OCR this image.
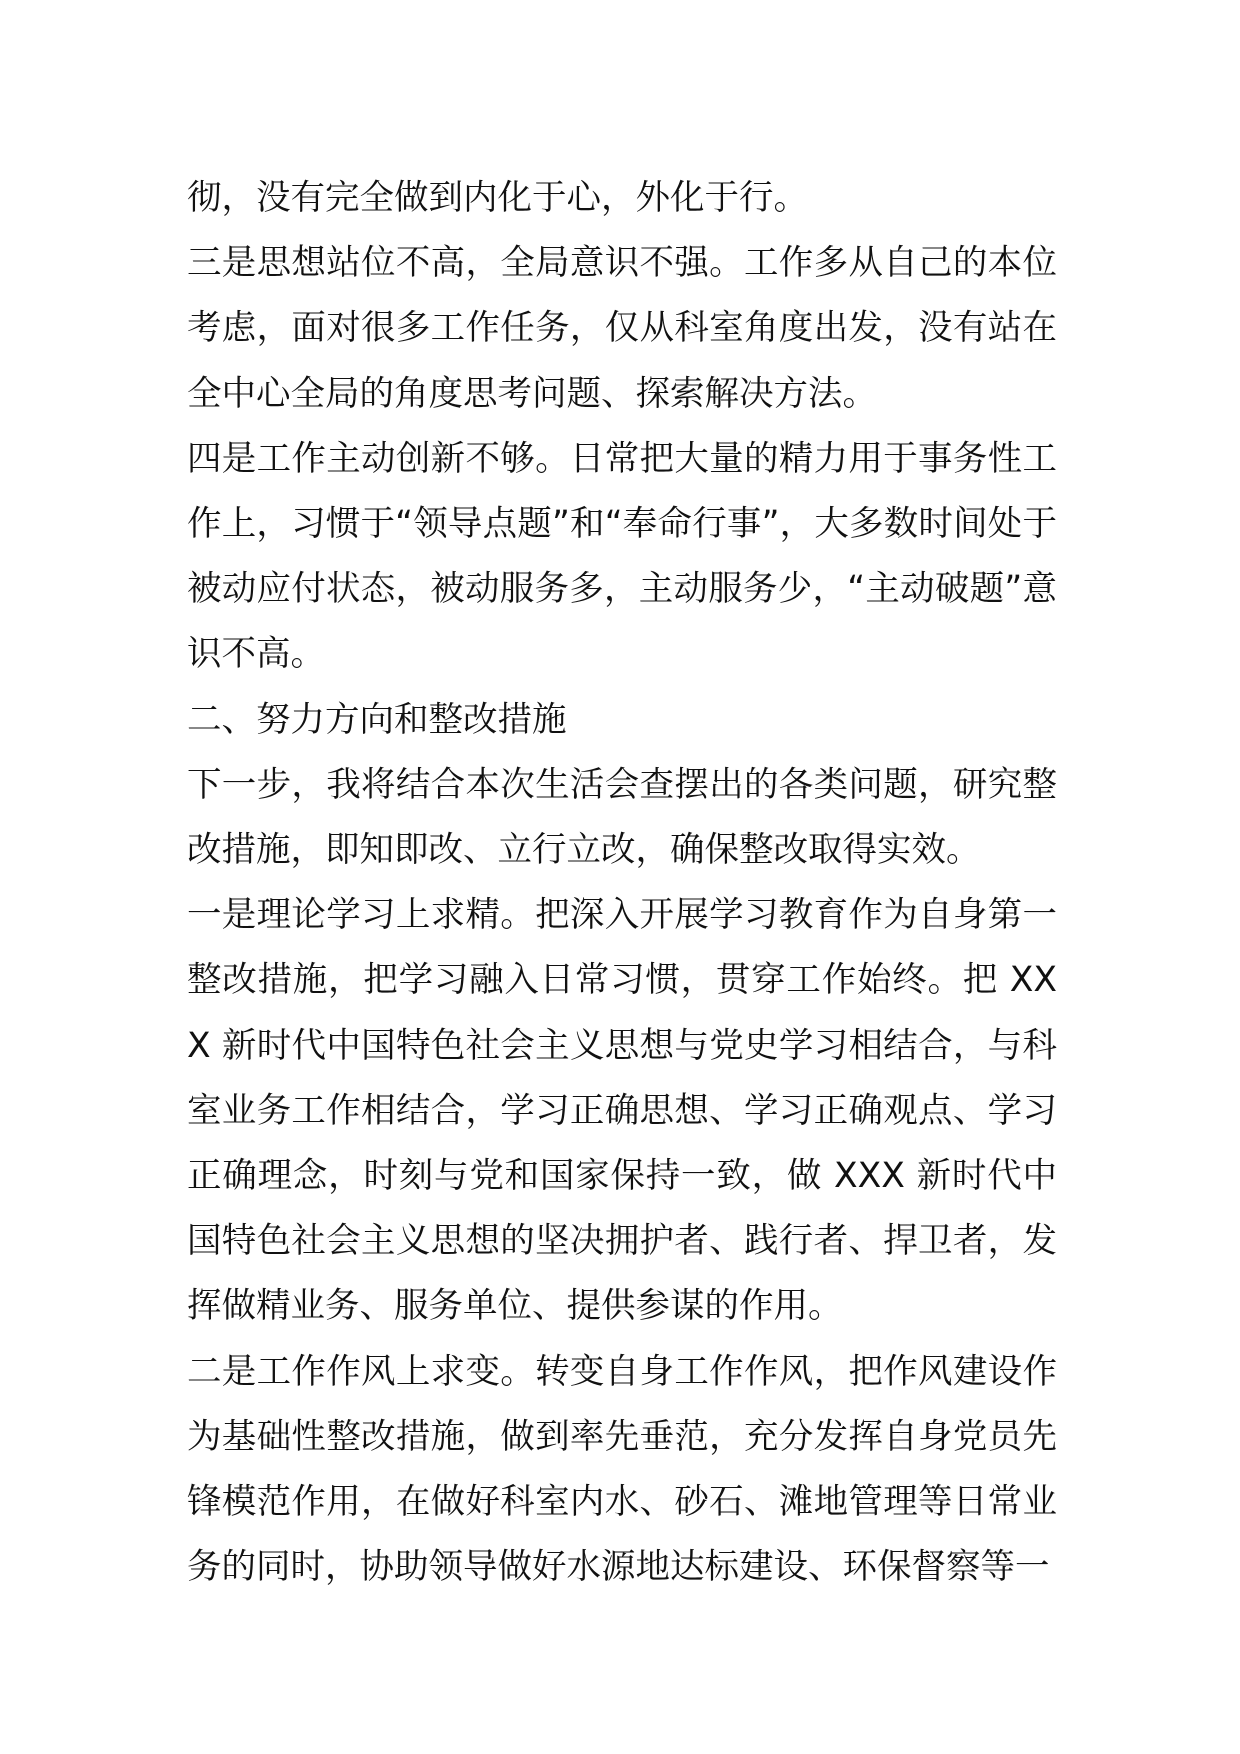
彻，没有完全做到内化于心，外化于行。

三是思想站位不高，全局意识不强。工作多从自己的本位考虑，面对很多工作任务，仅从科室角度出发，没有站在全中心全局的角度思考问题、探索解决方法。

四是工作主动创新不够。日常把大量的精力用于事务性工作上，习惯于“领导点题”和“奉命行事”，大多数时间处于被动应付状态，被动服务多，主动服务少，“主动破题”意识不高。

二、努力方向和整改措施

下一步，我将结合本次生活会查摆出的各类问题，研究整改措施，即知即改、立行立改，确保整改取得实效。

一是理论学习上求精。把深入开展学习教育作为自身第一整改措施，把学习融入日常习惯，贯穿工作始终。把 XXX 新时代中国特色社会主义思想与党史学习相结合，与科室业务工作相结合，学习正确思想、学习正确观点、学习正确理念，时刻与党和国家保持一致，做 XXX 新时代中国特色社会主义思想的坚决拥护者、践行者、捍卫者，发挥做精业务、服务单位、提供参谋的作用。

二是工作作风上求变。转变自身工作作风，把作风建设作为基础性整改措施，做到率先垂范，充分发挥自身党员先锋模范作用，在做好科室内水、砂石、滩地管理等日常业务的同时，协助领导做好水源地达标建设、环保督察等一
